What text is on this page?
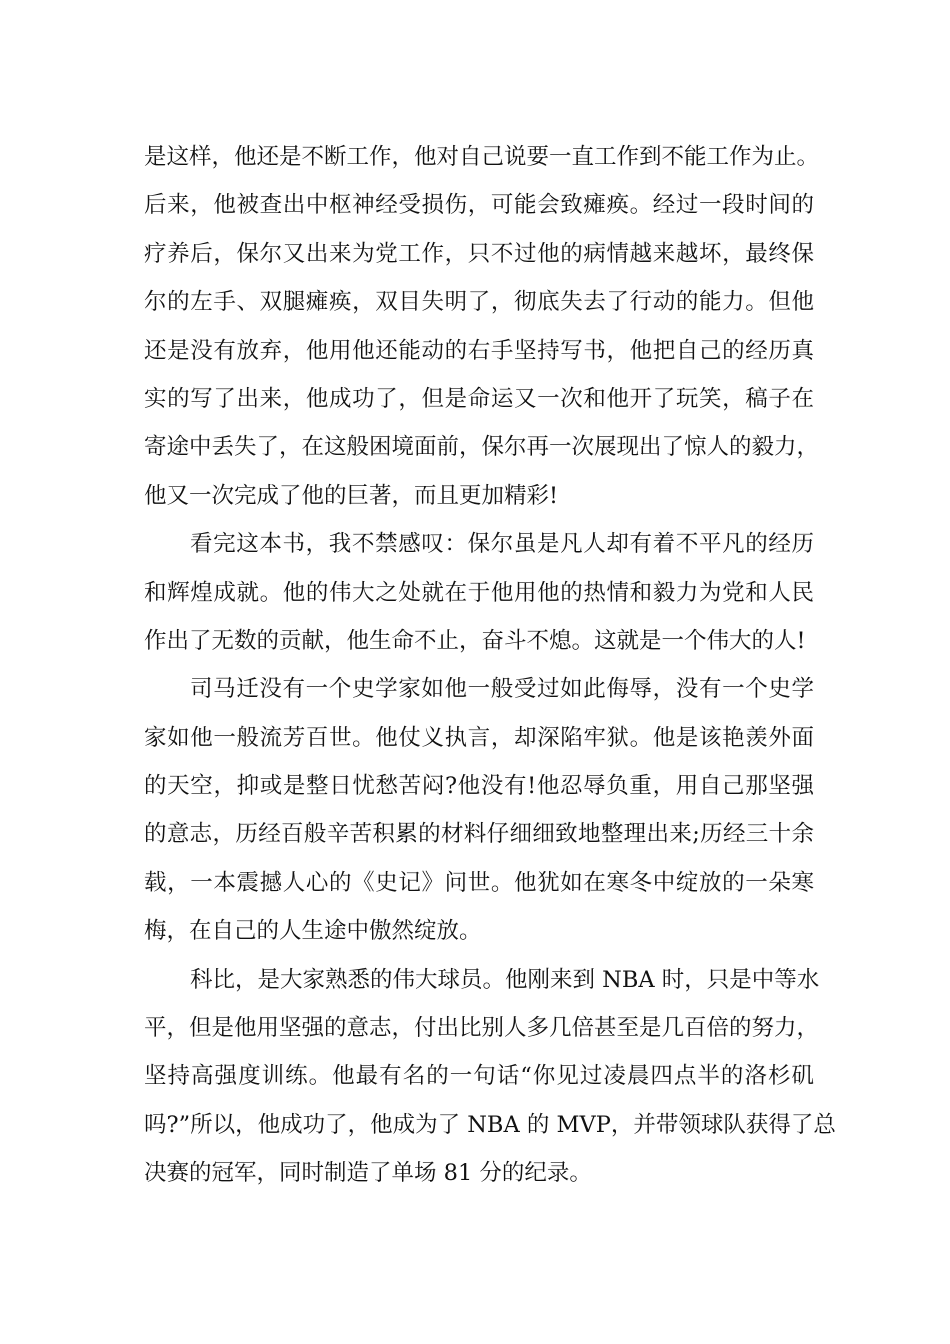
是这样，他还是不断工作，他对自己说要一直工作到不能工作为止。
后来，他被查出中枢神经受损伤，可能会致瘫痪。经过一段时间的
疗养后，保尔又出来为党工作，只不过他的病情越来越坏，最终保
尔的左手、双腿瘫痪，双目失明了，彻底失去了行动的能力。但他
还是没有放弃，他用他还能动的右手坚持写书，他把自己的经历真
实的写了出来，他成功了，但是命运又一次和他开了玩笑，稿子在
寄途中丢失了，在这般困境面前，保尔再一次展现出了惊人的毅力，
他又一次完成了他的巨著，而且更加精彩!
看完这本书，我不禁感叹：保尔虽是凡人却有着不平凡的经历
和辉煌成就。他的伟大之处就在于他用他的热情和毅力为党和人民
作出了无数的贡献，他生命不止，奋斗不熄。这就是一个伟大的人!
司马迁没有一个史学家如他一般受过如此侮辱，没有一个史学
家如他一般流芳百世。他仗义执言，却深陷牢狱。他是该艳羡外面
的天空，抑或是整日忧愁苦闷?他没有!他忍辱负重，用自己那坚强
的意志，历经百般辛苦积累的材料仔细细致地整理出来;历经三十余
载，一本震撼人心的《史记》问世。他犹如在寒冬中绽放的一朵寒
梅，在自己的人生途中傲然绽放。
科比，是大家熟悉的伟大球员。他刚来到 NBA 时，只是中等水
平，但是他用坚强的意志，付出比别人多几倍甚至是几百倍的努力，
坚持高强度训练。他最有名的一句话“你见过凌晨四点半的洛杉矶
吗?”所以，他成功了，他成为了 NBA 的 MVP，并带领球队获得了总
决赛的冠军，同时制造了单场 81 分的纪录。
